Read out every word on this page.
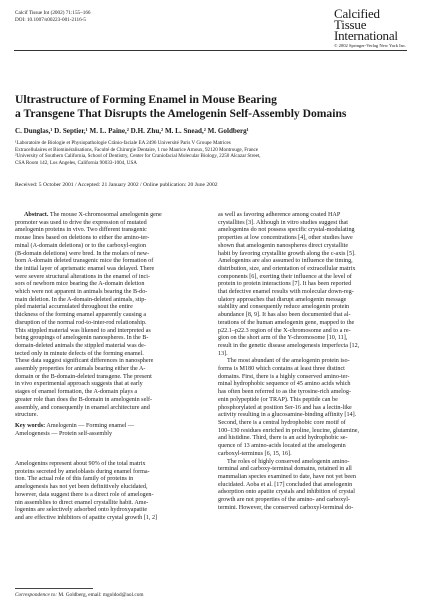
Calcif Tissue Int (2002) 71:155–166
DOI: 10.1007/s00223-001-2116-5	Calcified
Tissue
International
© 2002 Springer-Verlag New York Inc.
Ultrastructure of Forming Enamel in Mouse Bearing
a Transgene That Disrupts the Amelogenin Self-Assembly Domains
C. Dunglas,¹ D. Septier,¹ M. L. Paine,² D.H. Zhu,² M. L. Snead,² M. Goldberg¹
¹Laboratoire de Biologie et Physiopathologie Crânio-faciale EA 2496 Université Paris V Groupe Matrices
Extracellulaires et Biominéralisations, Faculté de Chirurgie Dentaire, 1 rue Maurice Arnoux, 92120 Montrouge, France
²University of Southern California, School of Dentistry, Center for Craniofacial Molecular Biology, 2250 Alcazar Street,
CSA Room 142, Los Angeles, California 90033-1004, USA
Received: 5 October 2001 / Accepted: 21 January 2002 / Online publication: 20 June 2002
Abstract. The mouse X-chromosomal amelogenin gene
promoter was used to drive the expression of mutated
amelogenin proteins in vivo. Two different transgenic
mouse lines based on deletions to either the amino-ter-
minal (A-domain deletions) or to the carboxyl-region
(B-domain deletions) were bred. In the molars of new-
born A-domain deleted transgenic mice the formation of
the initial layer of aprismatic enamel was delayed. There
were severe structural alterations in the enamel of inci-
sors of newborn mice bearing the A-domain deletion
which were not apparent in animals bearing the B-do-
main deletion. In the A-domain-deleted animals, stip-
pled material accumulated throughout the entire
thickness of the forming enamel apparently causing a
disruption of the normal rod-to-inter-rod relationship.
This stippled material was likened to and interpreted as
being groupings of amelogenin nanospheres. In the B-
domain-deleted animals the stippled material was de-
tected only in minute defects of the forming enamel.
These data suggest significant differences in nanosphere
assembly properties for animals bearing either the A-
domain or the B-domain-deleted transgene. The present
in vivo experimental approach suggests that at early
stages of enamel formation, the A-domain plays a
greater role than does the B-domain in amelogenin self-
assembly, and consequently in enamel architecture and
structure.
Key words: Amelogenin — Forming enamel —
Amelogenesis — Protein self-assembly
Amelogenins represent about 90% of the total matrix
proteins secreted by ameloblasts during enamel forma-
tion. The actual role of this family of proteins in
amelogenesis has not yet been definitively elucidated,
however, data suggest there is a direct role of amelogen-
nin assemblies to direct enamel crystallite habit. Ame-
logenins are selectively adsorbed onto hydroxyapatite
and are effective inhibitors of apatite crystal growth [1, 2]
Correspondence to: M. Goldberg, email: mgoldod@aol.com
as well as favoring adherence among coated HAP
crystallites [3]. Although in vitro studies suggest that
amelogenins do not possess specific crystal-modulating
properties at low concentrations [4], other studies have
shown that amelogenin nanospheres direct crystallite
habit by favoring crystallite growth along the c-axis [5].
Amelogenins are also assumed to influence the timing,
distribution, size, and orientation of extracellular matrix
components [6], exerting their influence at the level of
protein to protein interactions [7]. It has been reported
that defective enamel results with molecular down-reg-
ulatory approaches that disrupt amelogenin message
stability and consequently reduce amelogenin protein
abundance [8, 9]. It has also been documented that al-
terations of the human amelogenin gene, mapped to the
p22.1–p22.3 region of the X-chromosome and to a re-
gion on the short arm of the Y-chromosome [10, 11],
result in the genetic disease amelogenesis imperfecta [12,
13].
The most abundant of the amelogenin protein iso-
forms is M180 which contains at least three distinct
domains. First, there is a highly conserved amino-ter-
minal hydrophobic sequence of 45 amino acids which
has often been referred to as the tyrosine-rich amelog-
enin polypeptide (or TRAP). This peptide can be
phosphorylated at position Ser-16 and has a lectin-like
activity resulting in a glucosamine-binding affinity [14].
Second, there is a central hydrophobic core motif of
100–130 residues enriched in proline, leucine, glutamine,
and histidine. Third, there is an acid hydrophobic se-
quence of 13 amino-acids located at the amelogenin
carboxyl-terminus [6, 15, 16].
The roles of highly conserved amelogenin amino-
terminal and carboxy-terminal domains, retained in all
mammalian species examined to date, have not yet been
elucidated. Aoba et al. [17] concluded that amelogenin
adsorption onto apatite crystals and inhibition of crystal
growth are not properties of the amino- and carboxyl-
termini. However, the conserved carboxyl-terminal do-
